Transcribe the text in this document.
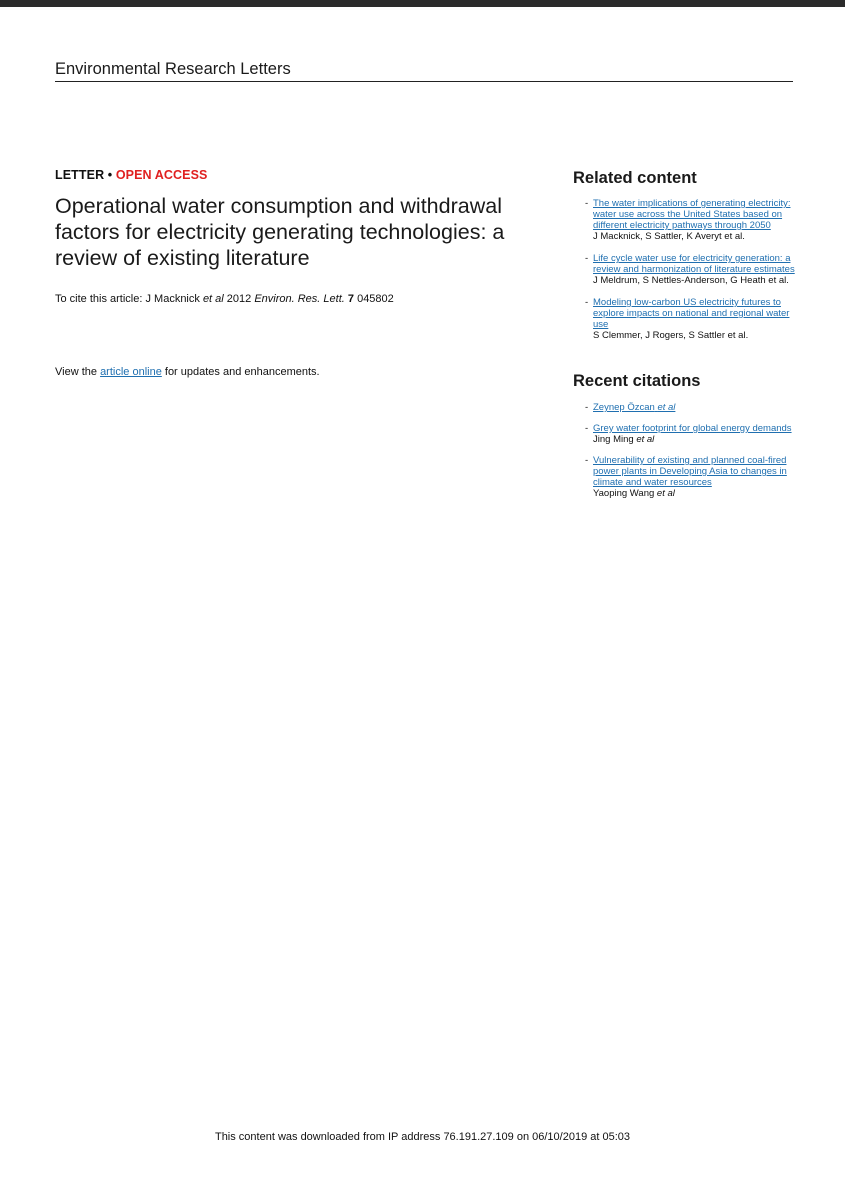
Environmental Research Letters
LETTER • OPEN ACCESS
Operational water consumption and withdrawal factors for electricity generating technologies: a review of existing literature

To cite this article: J Macknick et al 2012 Environ. Res. Lett. 7 045802

View the article online for updates and enhancements.

Related content
- The water implications of generating electricity: water use across the United States based on different electricity pathways through 2050
J Macknick, S Sattler, K Averyt et al.
- Life cycle water use for electricity generation: a review and harmonization of literature estimates
J Meldrum, S Nettles-Anderson, G Heath et al.
- Modeling low-carbon US electricity futures to explore impacts on national and regional water use
S Clemmer, J Rogers, S Sattler et al.
Recent citations
- Zeynep Özcan et al
- Grey water footprint for global energy demands
Jing Ming et al
- Vulnerability of existing and planned coal-fired power plants in Developing Asia to changes in climate and water resources
Yaoping Wang et al
This content was downloaded from IP address 76.191.27.109 on 06/10/2019 at 05:03
